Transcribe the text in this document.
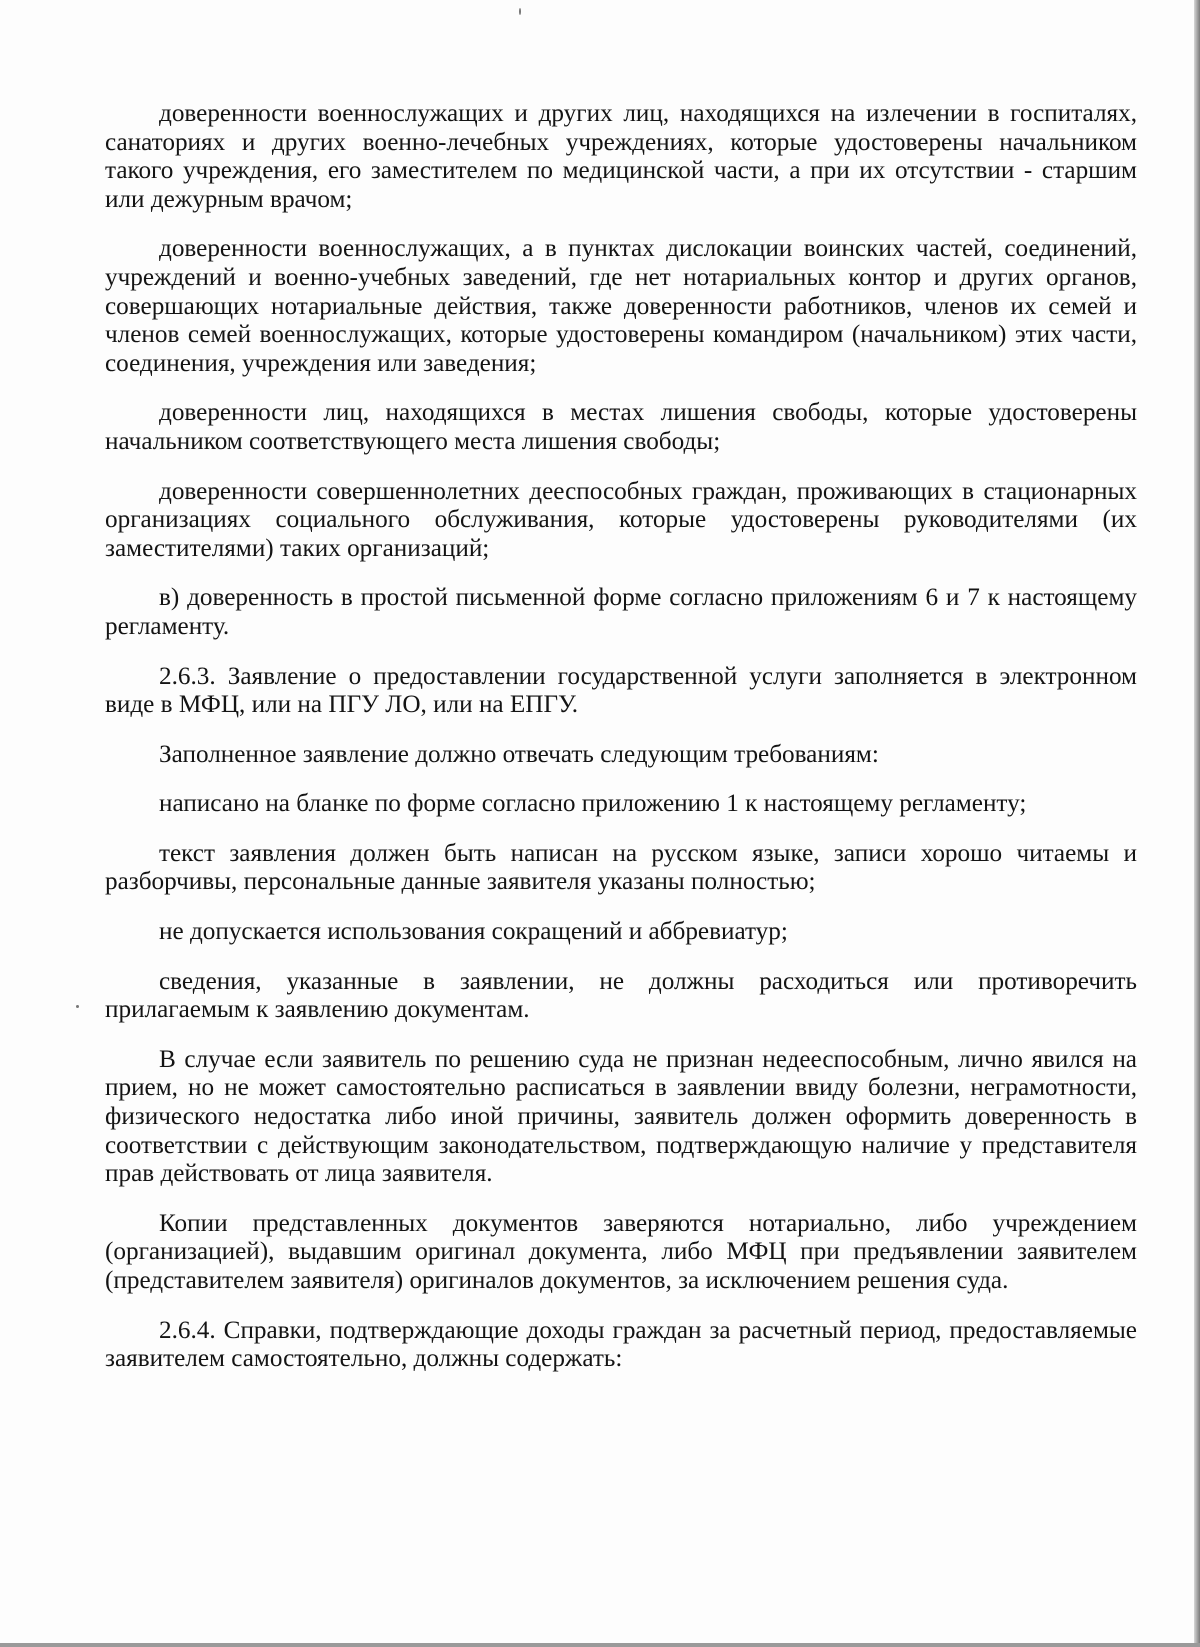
доверенности военнослужащих и других лиц, находящихся на излечении в госпиталях, санаториях и других военно-лечебных учреждениях, которые удостоверены начальником такого учреждения, его заместителем по медицинской части, а при их отсутствии - старшим или дежурным врачом;

доверенности военнослужащих, а в пунктах дислокации воинских частей, соединений, учреждений и военно-учебных заведений, где нет нотариальных контор и других органов, совершающих нотариальные действия, также доверенности работников, членов их семей и членов семей военнослужащих, которые удостоверены командиром (начальником) этих части, соединения, учреждения или заведения;

доверенности лиц, находящихся в местах лишения свободы, которые удостоверены начальником соответствующего места лишения свободы;

доверенности совершеннолетних дееспособных граждан, проживающих в стационарных организациях социального обслуживания, которые удостоверены руководителями (их заместителями) таких организаций;

в) доверенность в простой письменной форме согласно приложениям 6 и 7 к настоящему регламенту.

2.6.3. Заявление о предоставлении государственной услуги заполняется в электронном виде в МФЦ, или на ПГУ ЛО, или на ЕПГУ.

Заполненное заявление должно отвечать следующим требованиям:

написано на бланке по форме согласно приложению 1 к настоящему регламенту;

текст заявления должен быть написан на русском языке, записи хорошо читаемы и разборчивы, персональные данные заявителя указаны полностью;

не допускается использования сокращений и аббревиатур;

сведения, указанные в заявлении, не должны расходиться или противоречить прилагаемым к заявлению документам.

В случае если заявитель по решению суда не признан недееспособным, лично явился на прием, но не может самостоятельно расписаться в заявлении ввиду болезни, неграмотности, физического недостатка либо иной причины, заявитель должен оформить доверенность в соответствии с действующим законодательством, подтверждающую наличие у представителя прав действовать от лица заявителя.

Копии представленных документов заверяются нотариально, либо учреждением (организацией), выдавшим оригинал документа, либо МФЦ при предъявлении заявителем (представителем заявителя) оригиналов документов, за исключением решения суда.

2.6.4. Справки, подтверждающие доходы граждан за расчетный период, предоставляемые заявителем самостоятельно, должны содержать:
